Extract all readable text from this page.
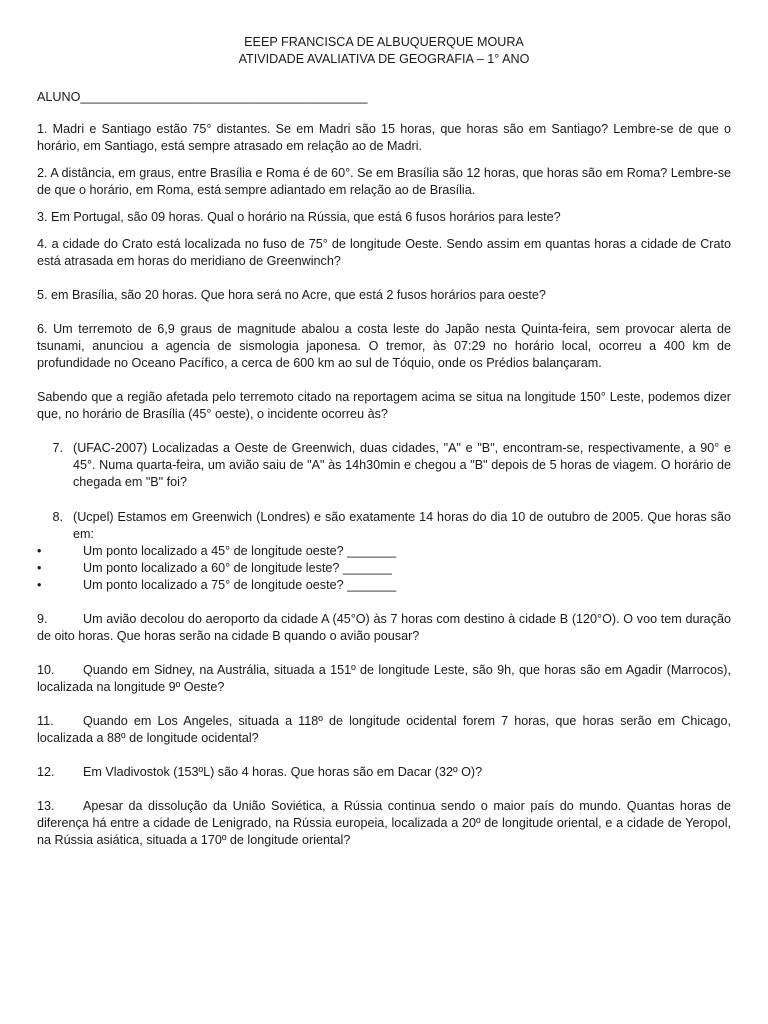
EEEP FRANCISCA DE ALBUQUERQUE MOURA

ATIVIDADE AVALIATIVA DE GEOGRAFIA – 1° ANO

ALUNO_________________________________________

1. Madri e Santiago estão 75° distantes. Se em Madri são 15 horas, que horas são em Santiago? Lembre-se de que o horário, em Santiago, está sempre atrasado em relação ao de Madri.

2. A distância, em graus, entre Brasília e Roma é de 60°. Se em Brasília são 12 horas, que horas são em Roma? Lembre-se de que o horário, em Roma, está sempre adiantado em relação ao de Brasília.

3. Em Portugal, são 09 horas. Qual o horário na Rússia, que está 6 fusos horários para leste?

4. a cidade do Crato está localizada no fuso de 75° de longitude Oeste. Sendo assim em quantas horas a cidade de Crato está atrasada em horas do meridiano de Greenwinch?

5. em Brasília, são 20 horas. Que hora será no Acre, que está 2 fusos horários para oeste?

6. Um terremoto de 6,9 graus de magnitude abalou a costa leste do Japão nesta Quinta-feira, sem provocar alerta de tsunami, anunciou a agencia de sismologia japonesa. O tremor, às 07:29 no horário local, ocorreu a 400 km de profundidade no Oceano Pacífico, a cerca de 600 km ao sul de Tóquio, onde os Prédios balançaram.

Sabendo que a região afetada pelo terremoto citado na reportagem acima se situa na longitude 150° Leste, podemos dizer que, no horário de Brasília (45° oeste), o incidente ocorreu às?

7. (UFAC-2007) Localizadas a Oeste de Greenwich, duas cidades, "A" e "B", encontram-se, respectivamente, a 90° e 45°. Numa quarta-feira, um avião saiu de "A" às 14h30min e chegou a "B" depois de 5 horas de viagem. O horário de chegada em "B" foi?
8. (Ucpel) Estamos em Greenwich (Londres) e são exatamente 14 horas do dia 10 de outubro de 2005. Que horas são em:
•	Um ponto localizado a 45° de longitude oeste? _______
•	Um ponto localizado a 60° de longitude leste? _______
•	Um ponto localizado a 75° de longitude oeste? _______

9.	Um avião decolou do aeroporto da cidade A (45°O) às 7 horas com destino à cidade B (120°O). O voo tem duração de oito horas. Que horas serão na cidade B quando o avião pousar?

10. Quando em Sidney, na Austrália, situada a 151º de longitude Leste, são 9h, que horas são em Agadir (Marrocos), localizada na longitude 9º Oeste?

11. Quando em Los Angeles, situada a 118º de longitude ocidental forem 7 horas, que horas serão em Chicago, localizada a 88º de longitude ocidental?

12. Em Vladivostok (153ºL) são 4 horas. Que horas são em Dacar (32º O)?

13. Apesar da dissolução da União Soviética, a Rússia continua sendo o maior país do mundo. Quantas horas de diferença há entre a cidade de Lenigrado, na Rússia europeia, localizada a 20º de longitude oriental, e a cidade de Yeropol, na Rússia asiática, situada a 170º de longitude oriental?
